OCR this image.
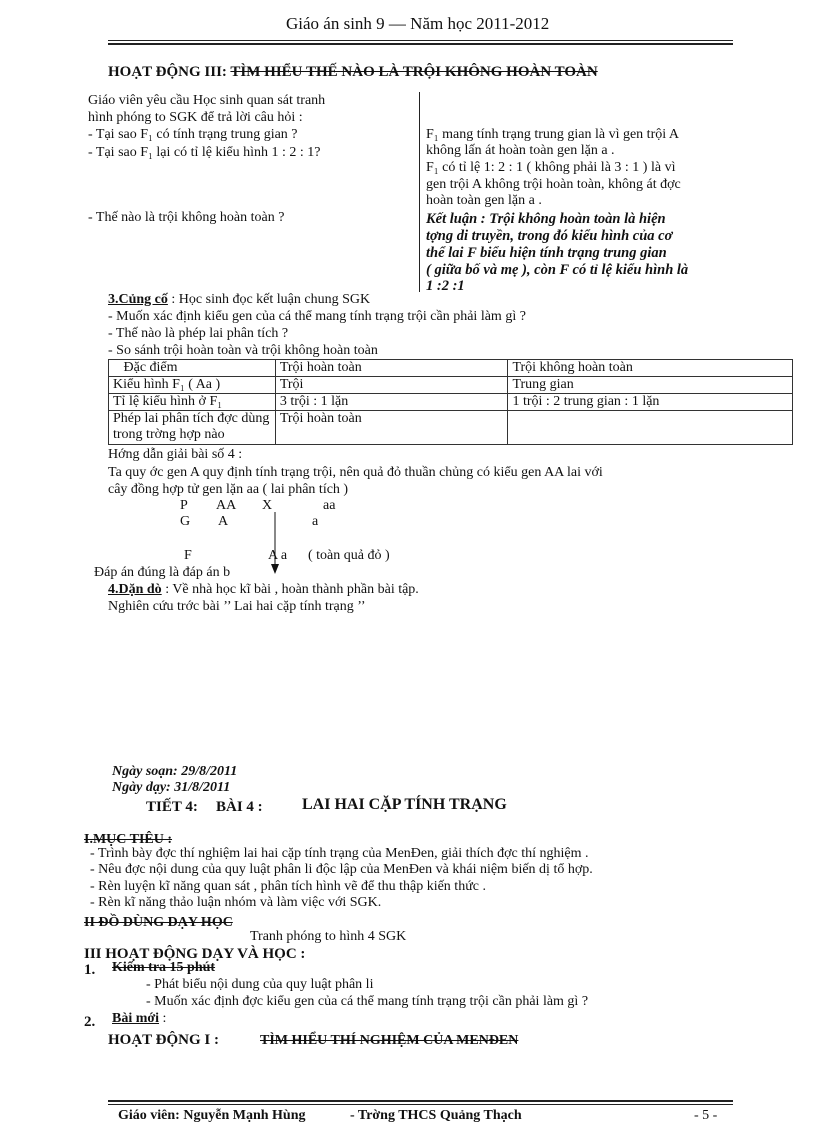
Giáo án sinh 9 — Năm học 2011-2012
HOẠT ĐỘNG III: TÌM HIỂU THẾ NÀO LÀ TRỘI KHÔNG HOÀN TOÀN
Giáo viên yêu cầu Học sinh quan sát tranh
hình phóng to SGK để trả lời câu hỏi :
- Tại sao F₁ có tính trạng trung gian ?
- Tại sao F₁ lại có tỉ lệ kiểu hình 1 : 2 : 1?
- Thế nào là trội không hoàn toàn ?
F₁ mang tính trạng trung gian là vì gen trội A
không lấn át hoàn toàn gen lặn a .
F₁ có tỉ lệ 1: 2 : 1 ( không phải là 3 : 1 ) là vì
gen trội A không trội hoàn toàn, không át đợc
hoàn toàn gen lặn a .
Kết luận : Trội không hoàn toàn là hiện
tợng di truyền, trong đó kiểu hình của cơ
thể lai F biểu hiện tính trạng trung gian
( giữa bố và mẹ ), còn F có tỉ lệ kiểu hình là
1 :2 :1
3.Củng cố : Học sinh đọc kết luận chung SGK
- Muốn xác định kiểu gen của cá thể mang tính trạng trội cần phải làm gì ?
- Thế nào là phép lai phân tích ?
- So sánh trội hoàn toàn và trội không hoàn toàn
Đặc điểm	Trội hoàn toàn	Trội không hoàn toàn
Kiểu hình F₁ ( Aa )	Trội	Trung gian
Tỉ lệ kiểu hình ở F₁	3 trội : 1 lặn	1 trội : 2 trung gian : 1 lặn
Phép lai phân tích đợc dùng trong trờng hợp nào	Trội hoàn toàn	
Hớng dẫn giải bài số 4 :
Ta quy ớc gen A quy định tính trạng trội, nên quả đỏ thuần chủng có kiểu gen AA lai với
cây đồng hợp tử gen lặn aa ( lai phân tích )
P AA X	aa
G A	a
F	A a ( toàn quả đỏ )
Đáp án đúng là đáp án b
4.Dặn dò : Về nhà học kĩ bài , hoàn thành phần bài tập.
Nghiên cứu trớc bài ’’ Lai hai cặp tính trạng ’’
Ngày soạn: 29/8/2011
Ngày dạy: 31/8/2011
TIẾT 4: BÀI 4 : LAI HAI CẶP TÍNH TRẠNG
I.MỤC TIÊU :
- Trình bày đợc thí nghiệm lai hai cặp tính trạng của MenĐen, giải thích đợc thí nghiệm .
- Nêu đợc nội dung của quy luật phân li độc lập của MenĐen và khái niệm biến dị tổ hợp.
- Rèn luyện kĩ năng quan sát , phân tích hình vẽ để thu thập kiến thức .
- Rèn kĩ năng thảo luận nhóm và làm việc với SGK.
II ĐỒ DÙNG DẠY HỌC
Tranh phóng to hình 4 SGK
III HOẠT ĐỘNG DẠY VÀ HỌC :
1. Kiểm tra 15 phút
- Phát biểu nội dung của quy luật phân li
- Muốn xác định đợc kiểu gen của cá thể mang tính trạng trội cần phải làm gì ?
2. Bài mới :
HOẠT ĐỘNG I :	TÌM HIỂU THÍ NGHIỆM CỦA MENĐEN
Giáo viên: Nguyễn Mạnh Hùng	- Trờng THCS Quảng Thạch	- 5 -
